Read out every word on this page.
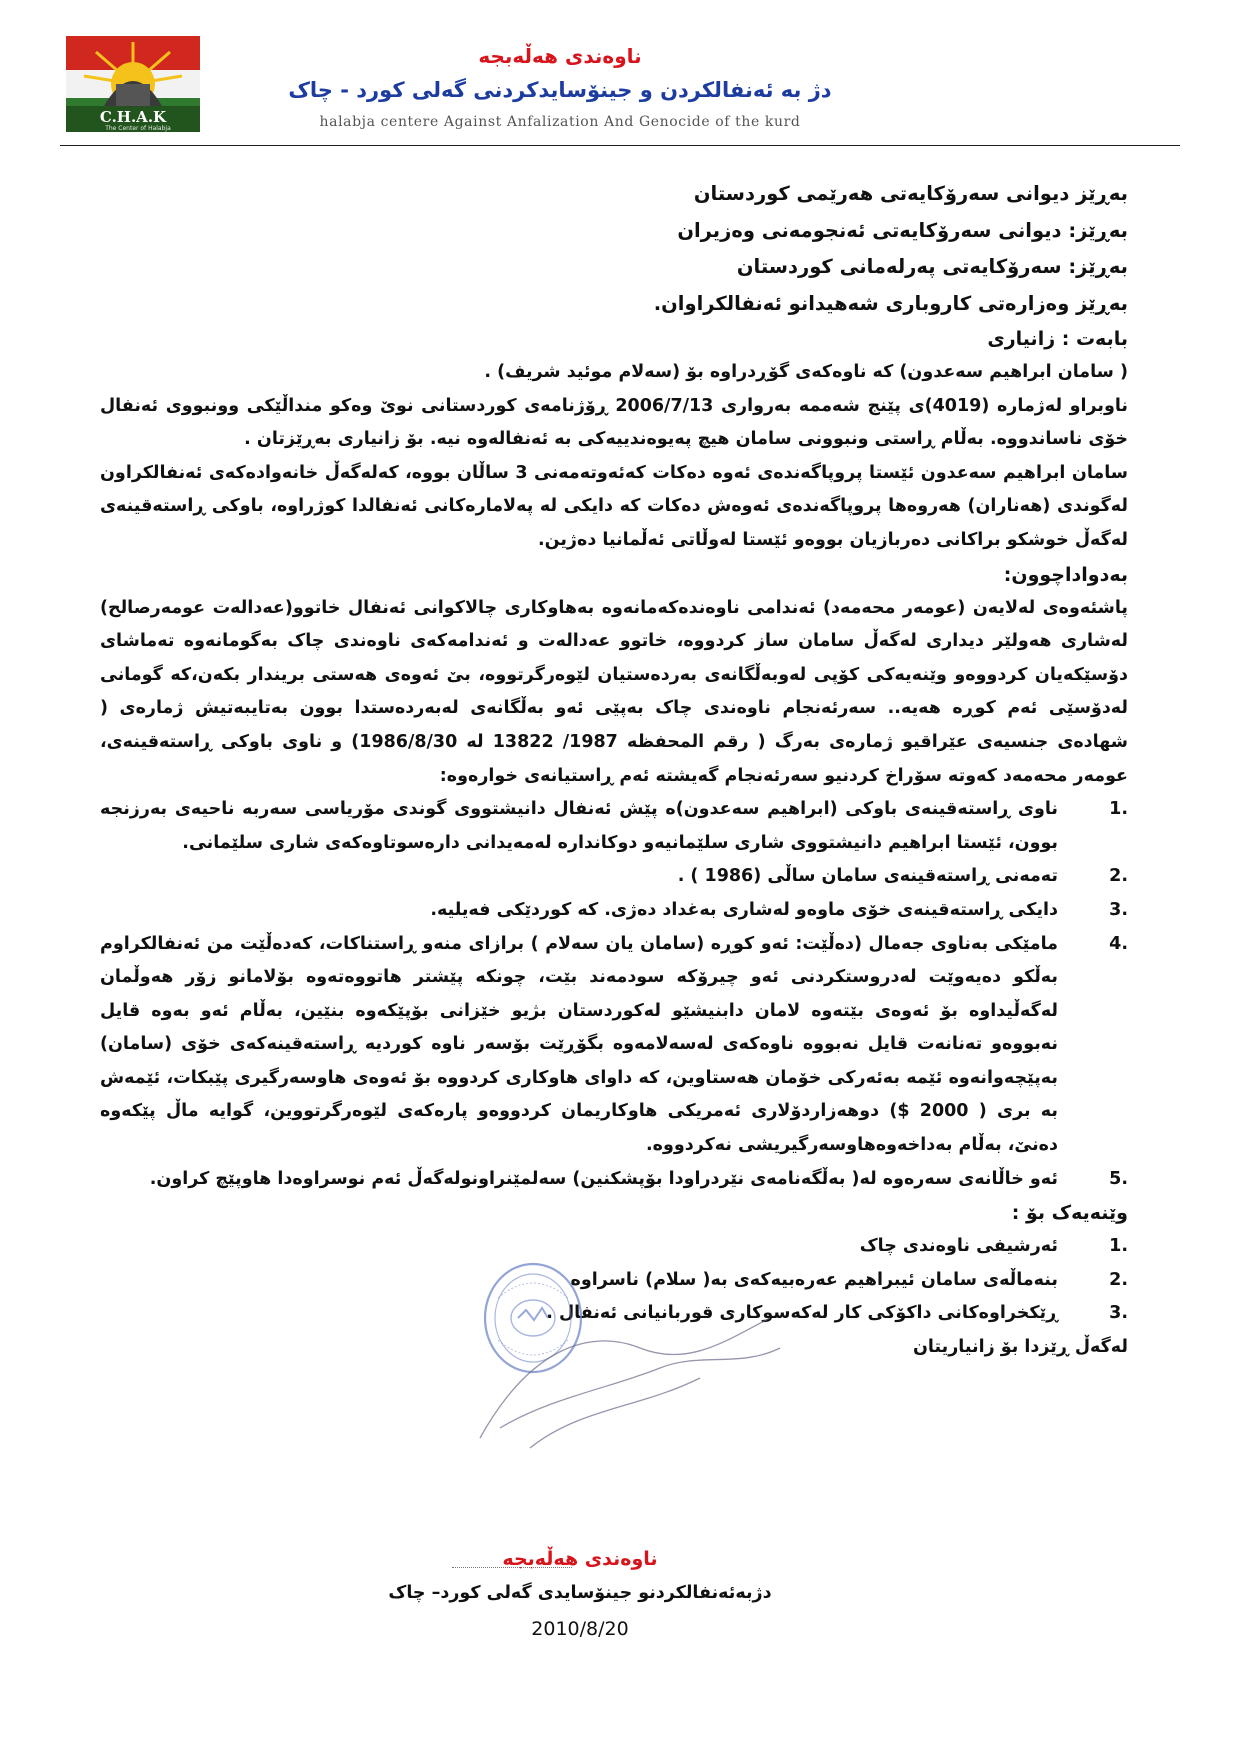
C.H.A.K
The Center of Halabja
ناوەندی هەڵەبجە
دژ بە ئەنفالکردن و جینۆسایدکردنی گەلی کورد - چاک
halabja centere Against Anfalization And Genocide of the kurd
بەڕێز دیوانی سەرۆکایەتی هەرێمی کوردستان
بەڕێز: دیوانی سەرۆکایەتی ئەنجومەنی وەزیران
بەڕێز: سەرۆکایەتی پەرلەمانی کوردستان
بەڕێز وەزارەتی کاروباری شەهیدانو ئەنفالکراوان.
بابەت : زانیاری
( سامان ابراهیم سەعدون) کە ناوەکەی گۆڕدراوە بۆ (سەلام موئید شریف) .
ناوبراو لەژمارە (4019)ی پێنج شەممە بەرواری 2006/7/13 ڕۆژنامەی کوردستانی نوێ وەکو منداڵێکی وونبووی ئەنفال خۆی ناساندووە. بەڵام ڕاستی ونبوونی سامان هیچ پەیوەندییەکی بە ئەنفالەوە نیە. بۆ زانیاری بەڕێزتان .
سامان ابراهیم سەعدون ئێستا پروپاگەندەی ئەوە دەکات کەئەوتەمەنی 3 ساڵان بووە، کەلەگەڵ خانەوادەکەی ئەنفالکراون لەگوندی (هەناران) هەروەها پروپاگەندەی ئەوەش دەکات کە دایکی لە پەلامارەکانی ئەنفالدا کوژراوە، باوکی ڕاستەقینەی لەگەڵ خوشکو براکانی دەربازیان بووەو ئێستا لەوڵاتی ئەڵمانیا دەژین.
بەدواداچوون:
پاشئەوەی لەلایەن (عومەر محەمەد) ئەندامی ناوەندەکەمانەوە بەهاوکاری چالاکوانی ئەنفال خاتوو(عەدالەت عومەرصالح) لەشاری هەولێر دیداری لەگەڵ سامان ساز کردووە، خاتوو عەدالەت و ئەندامەکەی ناوەندی چاک بەگومانەوە تەماشای دۆسێکەیان کردووەو وێنەیەکی کۆپی لەوبەڵگانەی بەردەستیان لێوەرگرتووە، بێ ئەوەی هەستی بریندار بکەن،کە گومانی لەدۆسێی ئەم کوڕە هەیە.. سەرئەنجام ناوەندی چاک بەپێی ئەو بەڵگانەی لەبەردەستدا بوون بەتایبەتیش ژمارەی ( شهادەی جنسیەی عێراقیو ژمارەی بەرگ ( رقم المحفظە 1987/ 13822 لە 1986/8/30) و ناوی باوکی ڕاستەقینەی، عومەر محەمەد کەوتە سۆراخ کردنیو سەرئەنجام گەیشتە ئەم ڕاستیانەی خوارەوە:
1.
ناوی ڕاستەقینەی باوکی (ابراهیم سەعدون)ە پێش ئەنفال دانیشتووی گوندی مۆریاسی سەربە ناحیەی بەرزنجە بوون، ئێستا ابراهیم دانیشتووی شاری سلێمانیەو دوکاندارە لەمەیدانی دارەسوتاوەکەی شاری سلێمانی.
2.
تەمەنی ڕاستەقینەی سامان ساڵی (1986 ) .
3.
دایکی ڕاستەقینەی خۆی ماوەو لەشاری بەغداد دەژی. کە کوردێکی فەیلیە.
4.
مامێکی بەناوی جەمال (دەڵێت: ئەو کوڕە (سامان یان سەلام ) برازای منەو ڕاستناکات، کەدەڵێت من ئەنفالکراوم بەڵکو دەیەوێت لەدروستکردنی ئەو چیرۆکە سودمەند بێت، چونکە پێشتر هاتووەتەوە بۆلامانو زۆر هەوڵمان لەگەڵیداوە بۆ ئەوەی بێتەوە لامان دابنیشێو لەکوردستان بژیو خێزانی بۆپێکەوە بنێین، بەڵام ئەو بەوە قایل نەبووەو تەنانەت قایل نەبووە ناوەکەی لەسەلامەوە بگۆڕێت بۆسەر ناوە کوردیە ڕاستەقینەکەی خۆی (سامان) بەپێچەوانەوە ئێمە بەئەرکی خۆمان هەستاوین، کە داوای هاوکاری کردووە بۆ ئەوەی هاوسەرگیری پێبکات، ئێمەش بە بری ( 2000 $) دوهەزاردۆلاری ئەمریکی هاوکاریمان کردووەو پارەکەی لێوەرگرتووین، گوایە ماڵ پێکەوە دەنێ، بەڵام بەداخەوەهاوسەرگیریشی نەکردووە.
5.
ئەو خاڵانەی سەرەوە لە( بەڵگەنامەی نێردراودا بۆپشکنین) سەلمێنراونولەگەڵ ئەم نوسراوەدا هاوپێچ کراون.
وێنەیەک بۆ :
1.
ئەرشیفی ناوەندی چاک
2.
بنەماڵەی سامان ئیبراهیم عەرەبیەکەی بە( سلام) ناسراوە
3.
ڕێکخراوەکانی داکۆکی کار لەکەسوکاری قوربانیانی ئەنفال .
لەگەڵ ڕێزدا بۆ زانیاریتان
ناوەندی هەڵەبجە
دژبەئەنفالکردنو جینۆسایدی گەلی کورد– چاک
2010/8/20
